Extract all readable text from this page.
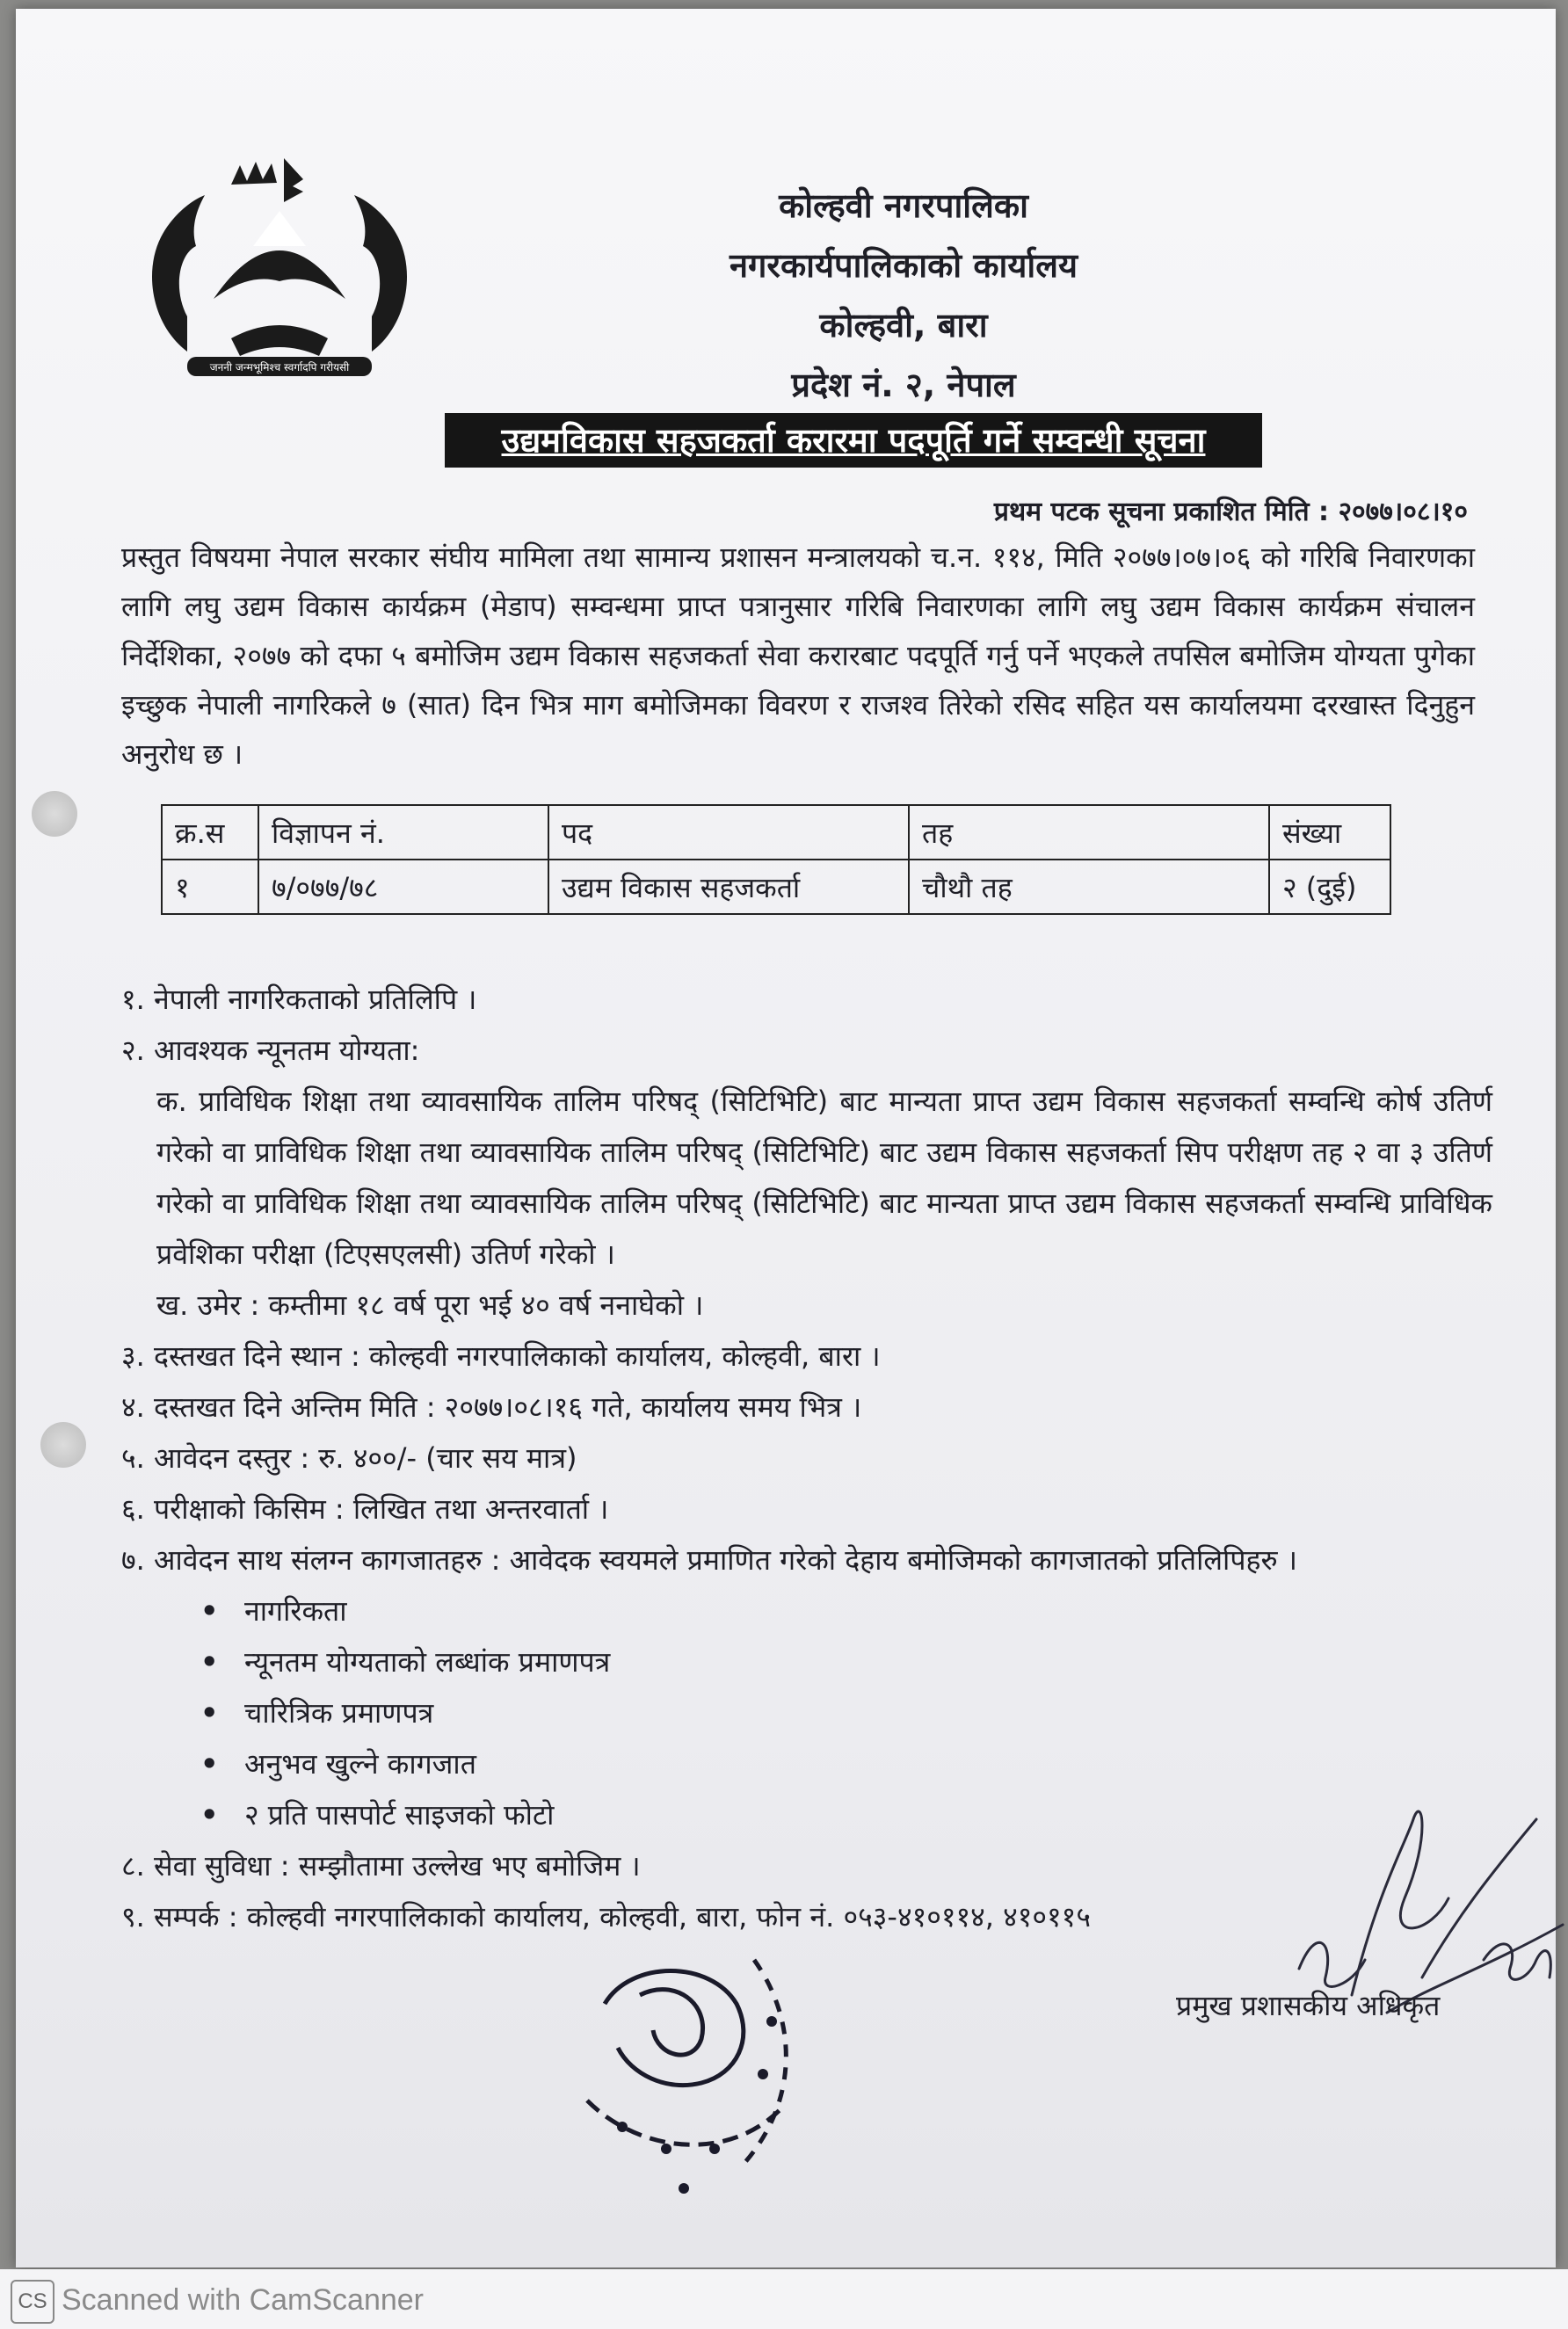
जननी जन्मभूमिश्च स्वर्गादपि गरीयसी
कोल्हवी नगरपालिका
नगरकार्यपालिकाको कार्यालय
कोल्हवी, बारा
प्रदेश नं. २, नेपाल
उद्यमविकास सहजकर्ता करारमा पदपूर्ति गर्ने सम्वन्धी सूचना
प्रथम पटक सूचना प्रकाशित मिति : २०७७।०८।१०
प्रस्तुत विषयमा नेपाल सरकार संघीय मामिला तथा सामान्य प्रशासन मन्त्रालयको च.न. ११४, मिति २०७७।०७।०६ को गरिबि निवारणका लागि लघु उद्यम विकास कार्यक्रम (मेडाप) सम्वन्धमा प्राप्त पत्रानुसार गरिबि निवारणका लागि लघु उद्यम विकास कार्यक्रम संचालन निर्देशिका, २०७७ को दफा ५ बमोजिम उद्यम विकास सहजकर्ता सेवा करारबाट पदपूर्ति गर्नु पर्ने भएकले तपसिल बमोजिम योग्यता पुगेका इच्छुक नेपाली नागरिकले ७ (सात) दिन भित्र माग बमोजिमका विवरण र राजश्व तिरेको रसिद सहित यस कार्यालयमा दरखास्त दिनुहुन अनुरोध छ ।
क्र.स	विज्ञापन नं.	पद	तह	संख्या
१	७/०७७/७८	उद्यम विकास सहजकर्ता	चौथौ तह	२ (दुई)
१. नेपाली नागरिकताको प्रतिलिपि ।
२. आवश्यक न्यूनतम योग्यता:
क. प्राविधिक शिक्षा तथा व्यावसायिक तालिम परिषद् (सिटिभिटि) बाट मान्यता प्राप्त उद्यम विकास सहजकर्ता सम्वन्धि कोर्ष उतिर्ण गरेको वा प्राविधिक शिक्षा तथा व्यावसायिक तालिम परिषद् (सिटिभिटि) बाट उद्यम विकास सहजकर्ता सिप परीक्षण तह २ वा ३ उतिर्ण गरेको वा प्राविधिक शिक्षा तथा व्यावसायिक तालिम परिषद् (सिटिभिटि) बाट मान्यता प्राप्त उद्यम विकास सहजकर्ता सम्वन्धि प्राविधिक प्रवेशिका परीक्षा (टिएसएलसी) उतिर्ण गरेको ।
ख. उमेर : कम्तीमा १८ वर्ष पूरा भई ४० वर्ष ननाघेको ।
३. दस्तखत दिने स्थान : कोल्हवी नगरपालिकाको कार्यालय, कोल्हवी, बारा ।
४. दस्तखत दिने अन्तिम मिति : २०७७।०८।१६ गते, कार्यालय समय भित्र ।
५. आवेदन दस्तुर : रु. ४००/- (चार सय मात्र)
६. परीक्षाको किसिम : लिखित तथा अन्तरवार्ता ।
७. आवेदन साथ संलग्न कागजातहरु : आवेदक स्वयमले प्रमाणित गरेको देहाय बमोजिमको कागजातको प्रतिलिपिहरु ।
• नागरिकता
• न्यूनतम योग्यताको लब्धांक प्रमाणपत्र
• चारित्रिक प्रमाणपत्र
• अनुभव खुल्ने कागजात
• २ प्रति पासपोर्ट साइजको फोटो
८. सेवा सुविधा : सम्झौतामा उल्लेख भए बमोजिम ।
९. सम्पर्क : कोल्हवी नगरपालिकाको कार्यालय, कोल्हवी, बारा, फोन नं. ०५३-४१०११४, ४१०११५
प्रमुख प्रशासकीय अधिकृत
CS Scanned with CamScanner
